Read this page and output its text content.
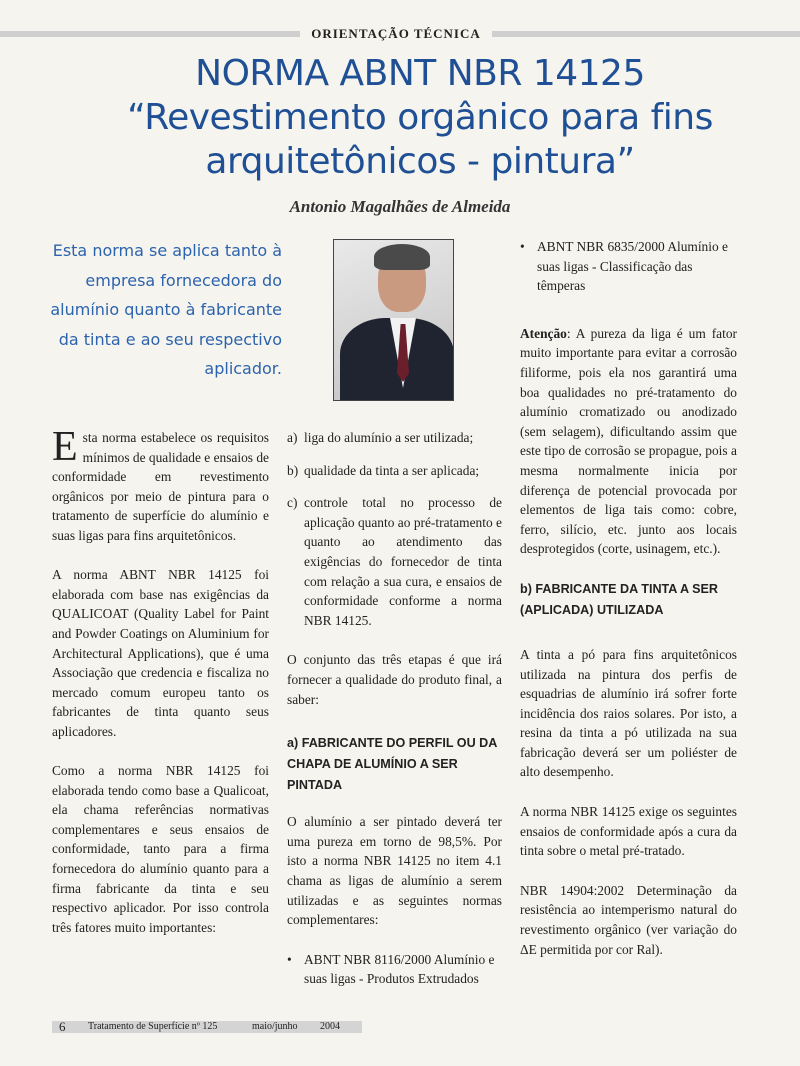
ORIENTAÇÃO TÉCNICA
NORMA ABNT NBR 14125
“Revestimento orgânico para fins
arquitetônicos - pintura”
Antonio Magalhães de Almeida
Esta norma se aplica tanto à empresa fornecedora do alumínio quanto à fabricante da tinta e ao seu respectivo aplicador.

Esta norma estabelece os requisitos mínimos de qualidade e ensaios de conformidade em revestimento orgânicos por meio de pintura para o tratamento de superfície do alumínio e suas ligas para fins arquitetônicos.

A norma ABNT NBR 14125 foi elaborada com base nas exigências da QUALICOAT (Quality Label for Paint and Powder Coatings on Aluminium for Architectural Applications), que é uma Associação que credencia e fiscaliza no mercado comum europeu tanto os fabricantes de tinta quanto seus aplicadores.

Como a norma NBR 14125 foi elaborada tendo como base a Qualicoat, ela chama referências normativas complementares e seus ensaios de conformidade, tanto para a firma fornecedora do alumínio quanto para a firma fabricante da tinta e seu respectivo aplicador. Por isso controla três fatores muito importantes:

a) liga do alumínio a ser utilizada;
b) qualidade da tinta a ser aplicada;
c) controle total no processo de aplicação quanto ao pré-tratamento e quanto ao atendimento das exigências do fornecedor de tinta com relação a sua cura, e ensaios de conformidade conforme a norma NBR 14125.

O conjunto das três etapas é que irá fornecer a qualidade do produto final, a saber:

a) FABRICANTE DO PERFIL OU DA CHAPA DE ALUMÍNIO A SER PINTADA

O alumínio a ser pintado deverá ter uma pureza em torno de 98,5%. Por isto a norma NBR 14125 no item 4.1 chama as ligas de alumínio a serem utilizadas e as seguintes normas complementares:

• ABNT NBR 8116/2000 Alumínio e suas ligas - Produtos Extrudados
• ABNT NBR 6835/2000 Alumínio e suas ligas - Classificação das têmperas

Atenção: A pureza da liga é um fator muito importante para evitar a corrosão filiforme, pois ela nos garantirá uma boa qualidades no pré-tratamento do alumínio cromatizado ou anodizado (sem selagem), dificultando assim que este tipo de corrosão se propague, pois a mesma normalmente inicia por diferença de potencial provocada por elementos de liga tais como: cobre, ferro, silício, etc. junto aos locais desprotegidos (corte, usinagem, etc.).

b) FABRICANTE DA TINTA A SER (APLICADA) UTILIZADA

A tinta a pó para fins arquitetônicos utilizada na pintura dos perfis de esquadrias de alumínio irá sofrer forte incidência dos raios solares. Por isto, a resina da tinta a pó utilizada na sua fabricação deverá ser um poliéster de alto desempenho.

A norma NBR 14125 exige os seguintes ensaios de conformidade após a cura da tinta sobre o metal pré-tratado.

NBR 14904:2002 Determinação da resistência ao intemperismo natural do revestimento orgânico (ver variação do ΔE permitida por cor Ral).

6 Tratamento de Superfície nº 125	maio/junho 2004
